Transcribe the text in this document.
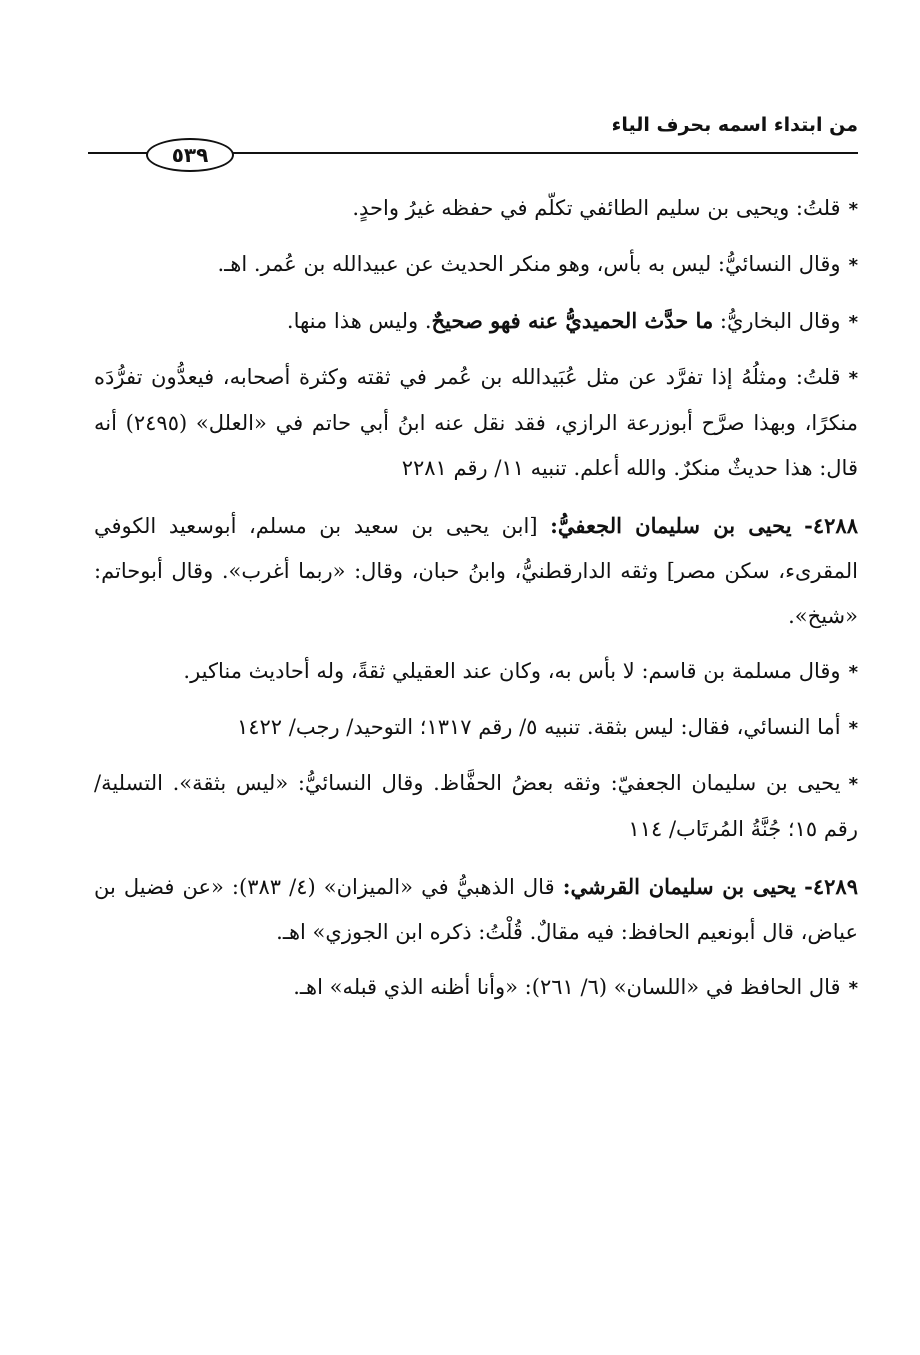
من ابتداء اسمه بحرف الياء
٥٣٩

*قلتُ: ويحيى بن سليم الطائفي تكلّم في حفظه غيرُ واحدٍ.

*وقال النسائيُّ: ليس به بأس، وهو منكر الحديث عن عبيدالله بن عُمر. اهـ.

*وقال البخاريُّ: ما حدَّث الحميديُّ عنه فهو صحيحٌ. وليس هذا منها.

*قلتُ: ومثلُهُ إذا تفرَّد عن مثل عُبَيدالله بن عُمر في ثقته وكثرة أصحابه، فيعدُّون تفرُّدَه منكرًا، وبهذا صرَّح أبوزرعة الرازي، فقد نقل عنه ابنُ أبي حاتم في «العلل» (٢٤٩٥) أنه قال: هذا حديثٌ منكرٌ. والله أعلم. تنبيه ١١/ رقم ٢٢٨١

٤٢٨٨- يحيى بن سليمان الجعفيُّ: [ابن يحيى بن سعيد بن مسلم، أبوسعيد الكوفي المقرىء، سكن مصر] وثقه الدارقطنيُّ، وابنُ حبان، وقال: «ربما أغرب». وقال أبوحاتم: «شيخ».

*وقال مسلمة بن قاسم: لا بأس به، وكان عند العقيلي ثقةً، وله أحاديث مناكير.

*أما النسائي، فقال: ليس بثقة. تنبيه ٥/ رقم ١٣١٧؛ التوحيد/ رجب/ ١٤٢٢

*يحيى بن سليمان الجعفيّ: وثقه بعضُ الحفَّاظ. وقال النسائيُّ: «ليس بثقة». التسلية/ رقم ١٥؛ جُنَّةُ المُرتَاب/ ١١٤

٤٢٨٩- يحيى بن سليمان القرشي: قال الذهبيُّ في «الميزان» (٤/ ٣٨٣): «عن فضيل بن عياض، قال أبونعيم الحافظ: فيه مقالٌ. قُلْتُ: ذكره ابن الجوزي» اهـ.

*قال الحافظ في «اللسان» (٦/ ٢٦١): «وأنا أظنه الذي قبله» اهـ.
